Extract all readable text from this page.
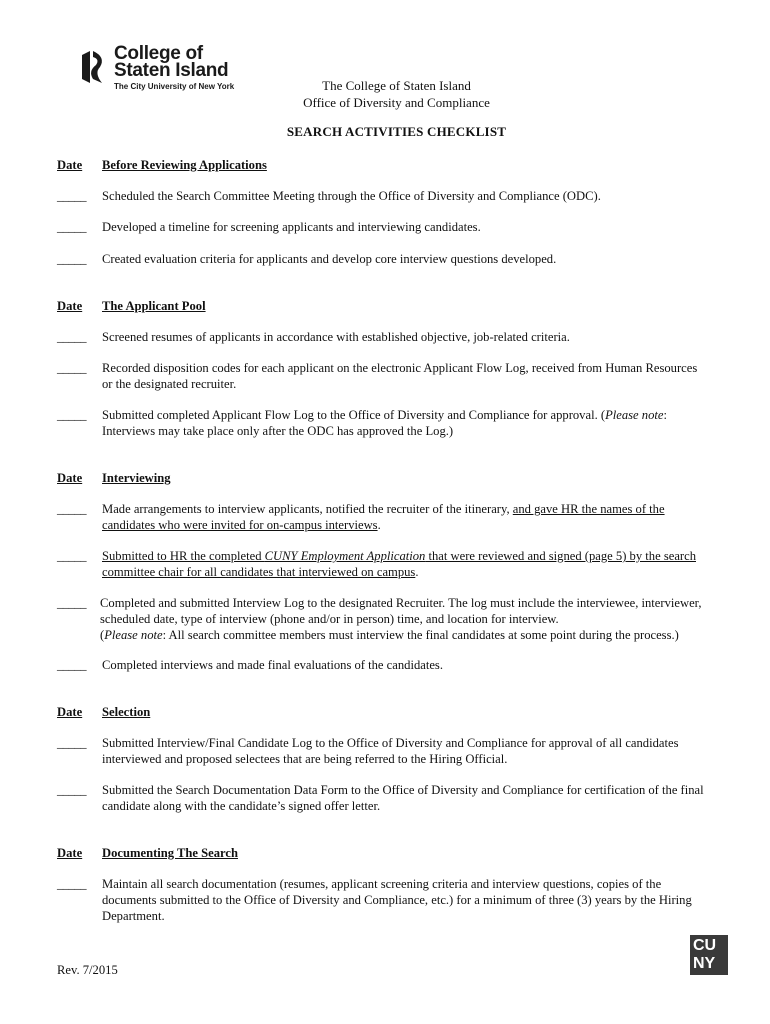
College of
Staten Island
The City University of New York	The College of Staten Island
Office of Diversity and Compliance
SEARCH ACTIVITIES CHECKLIST
Date Before Reviewing Applications
_____ Scheduled the Search Committee Meeting through the Office of Diversity and Compliance (ODC).
_____ Developed a timeline for screening applicants and interviewing candidates.
_____ Created evaluation criteria for applicants and develop core interview questions developed.
Date The Applicant Pool
_____ Screened resumes of applicants in accordance with established objective, job-related criteria.
_____ Recorded disposition codes for each applicant on the electronic Applicant Flow Log, received from Human Resources
or the designated recruiter.
_____ Submitted completed Applicant Flow Log to the Office of Diversity and Compliance for approval. (Please note:
Interviews may take place only after the ODC has approved the Log.)
Date Interviewing
_____ Made arrangements to interview applicants, notified the recruiter of the itinerary, and gave HR the names of the
candidates who were invited for on-campus interviews.
_____ Submitted to HR the completed CUNY Employment Application that were reviewed and signed (page 5) by the search
committee chair for all candidates that interviewed on campus.
_____ Completed and submitted Interview Log to the designated Recruiter. The log must include the interviewee, interviewer,
scheduled date, type of interview (phone and/or in person) time, and location for interview.
(Please note: All search committee members must interview the final candidates at some point during the process.)
_____ Completed interviews and made final evaluations of the candidates.
Date Selection
_____ Submitted Interview/Final Candidate Log to the Office of Diversity and Compliance for approval of all candidates
interviewed and proposed selectees that are being referred to the Hiring Official.
_____ Submitted the Search Documentation Data Form to the Office of Diversity and Compliance for certification of the final
candidate along with the candidate’s signed offer letter.
Date Documenting The Search
_____ Maintain all search documentation (resumes, applicant screening criteria and interview questions, copies of the
documents submitted to the Office of Diversity and Compliance, etc.) for a minimum of three (3) years by the Hiring
Department.
Rev. 7/2015
CU
NY
